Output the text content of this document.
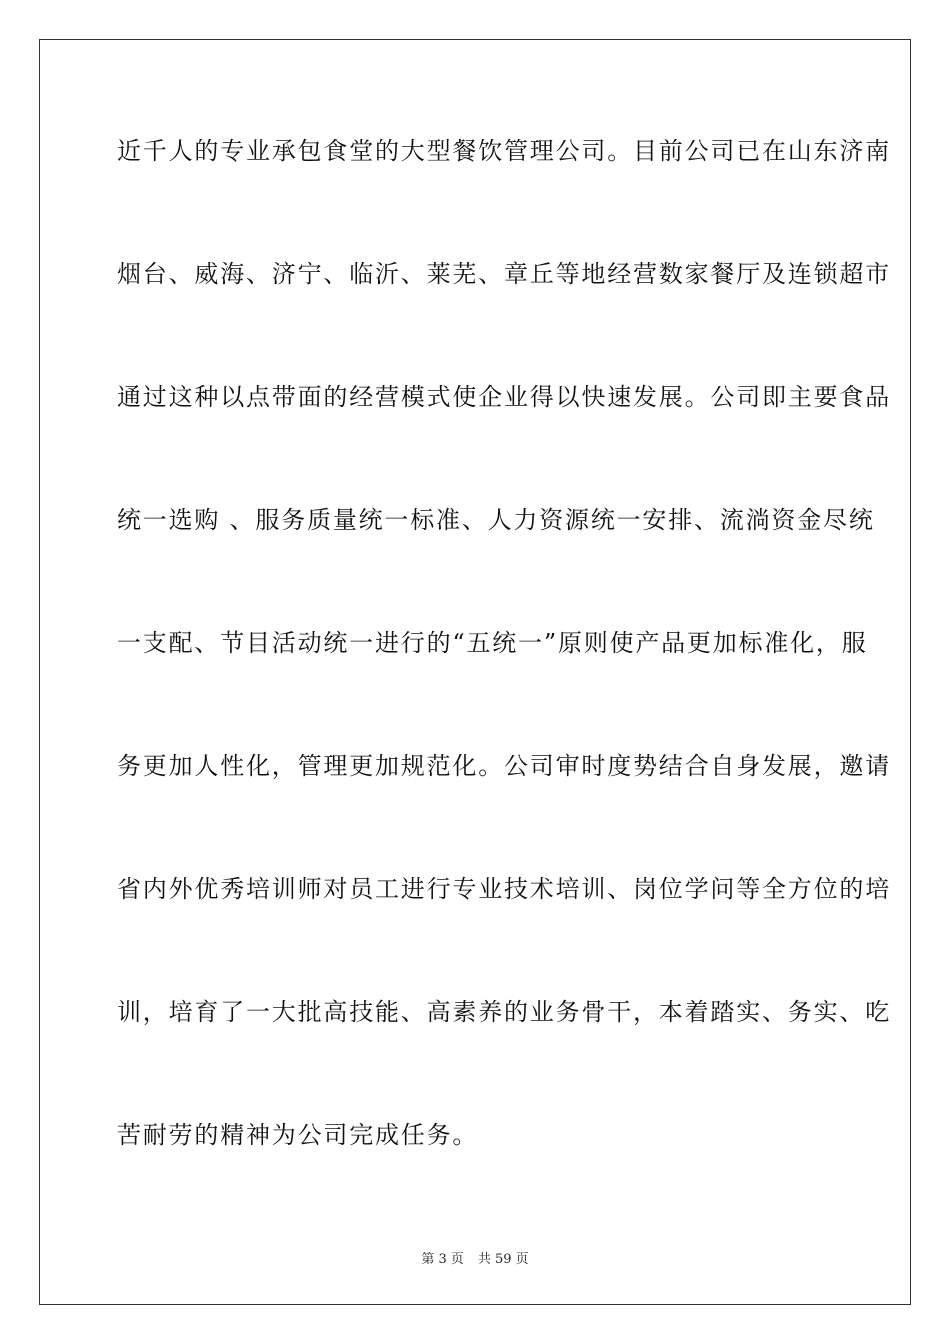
近千人的专业承包食堂的大型餐饮管理公司。目前公司已在山东济南
烟台、威海、济宁、临沂、莱芜、章丘等地经营数家餐厅及连锁超市
通过这种以点带面的经营模式使企业得以快速发展。公司即主要食品
统一选购 、服务质量统一标准、人力资源统一安排、流淌资金尽统
一支配、节目活动统一进行的“五统一”原则使产品更加标准化，服
务更加人性化，管理更加规范化。公司审时度势结合自身发展，邀请
省内外优秀培训师对员工进行专业技术培训、岗位学问等全方位的培
训，培育了一大批高技能、高素养的业务骨干，本着踏实、务实、吃
苦耐劳的精神为公司完成任务。
第 3 页 共 59 页
